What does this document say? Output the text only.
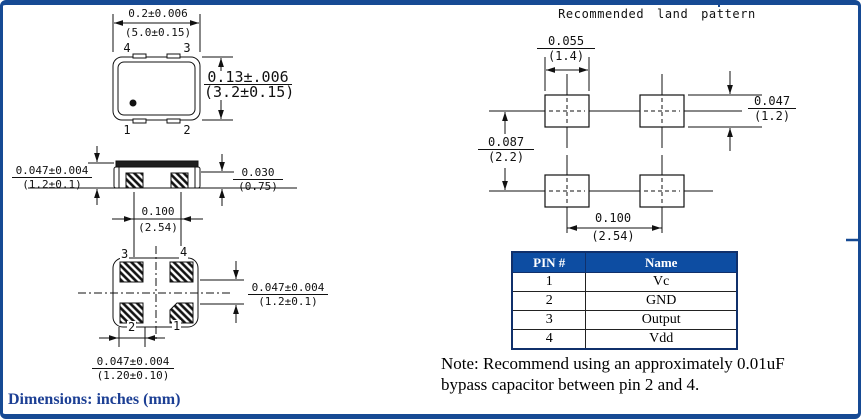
4	3
1	2
0.2±0.006
(5.0±0.15)
$\frac{0.13\pm.006}{(3.2\pm 0.15)}$
$\frac{0.047\pm 0.004}{(1.2\pm 0.1)}$	$\frac{0.030}{(0.75)}$
0.100
(2.54)
3	4
2	1
$\frac{0.047\pm 0.004}{(1.2\pm 0.1)}$
$\frac{0.047\pm 0.004}{(1.20\pm 0.10)}$
Recommended land pattern
$\frac{0.055}{(1.4)}$
$\frac{0.047}{(1.2)}$
$\frac{0.087}{(2.2)}$
0.100
(2.54)
PIN #	Name
1	Vc
2	GND
3	Output
4	Vdd
Note: Recommend using an approximately 0.01uF
bypass capacitor between pin 2 and 4.
Dimensions: inches (mm)
